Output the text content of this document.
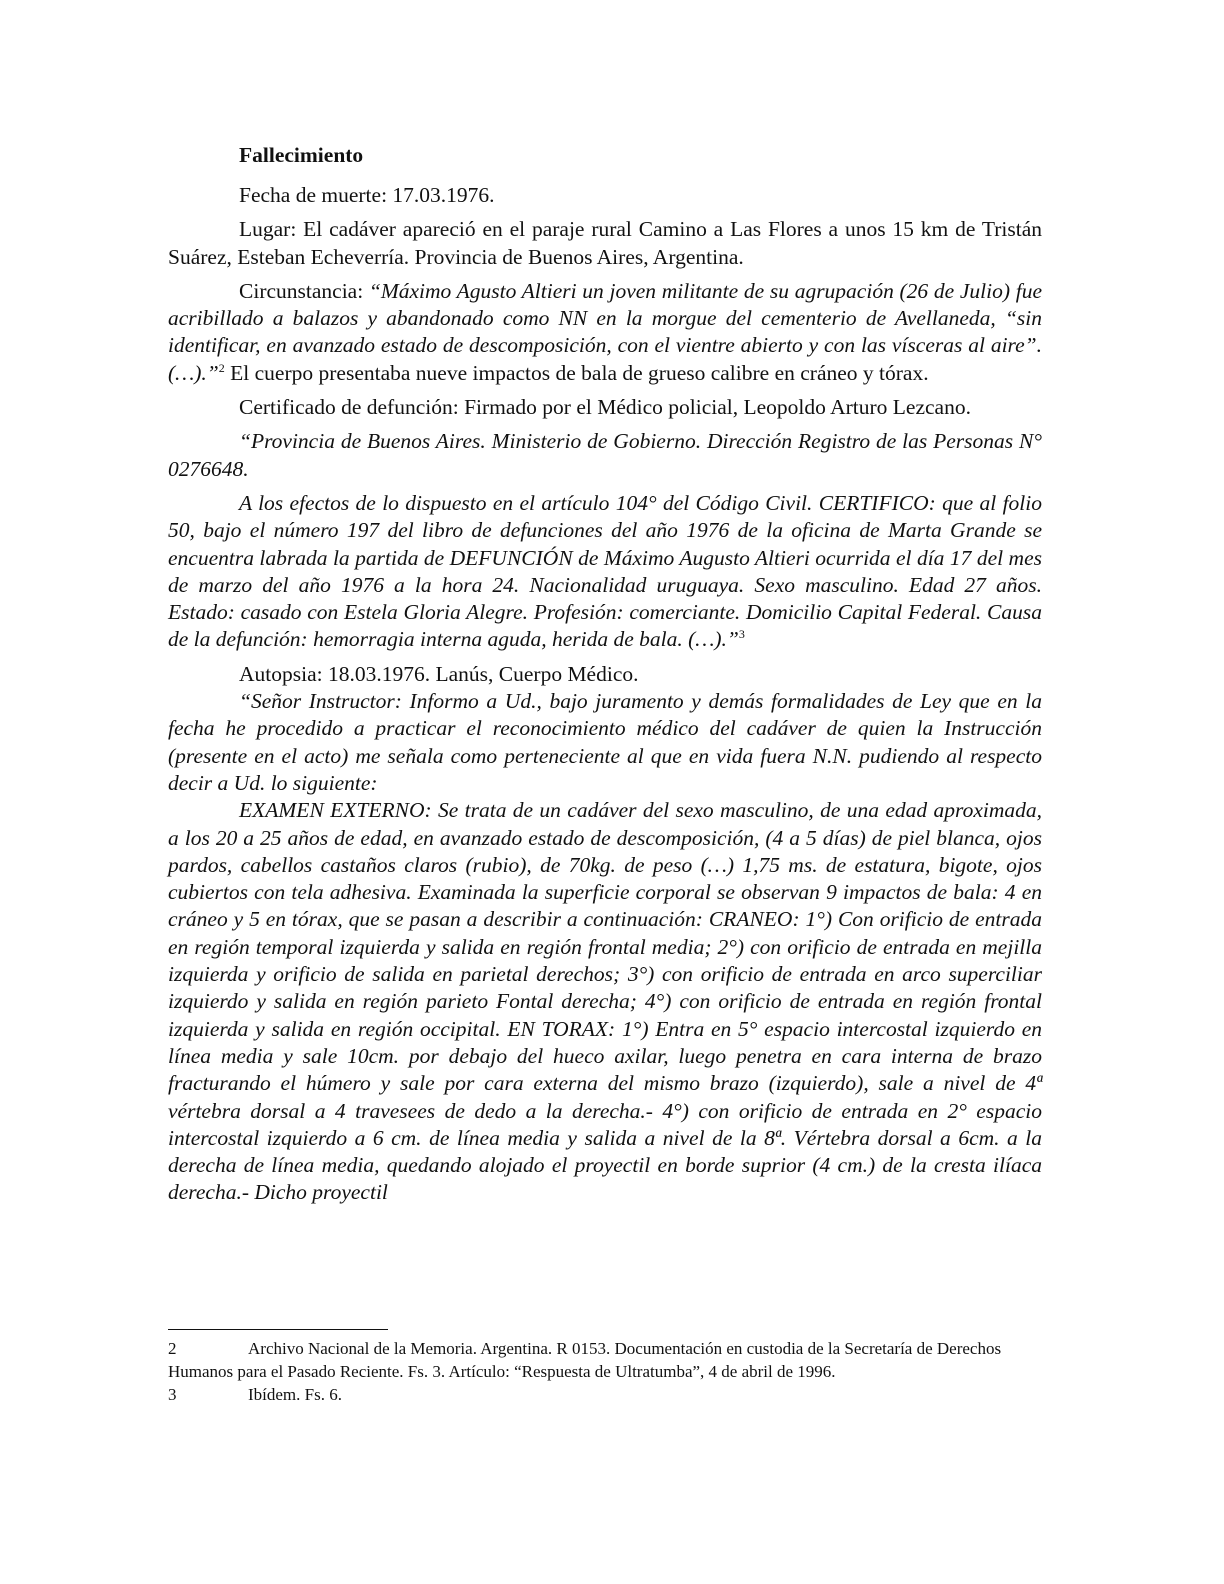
Fallecimiento

Fecha de muerte: 17.03.1976.

Lugar: El cadáver apareció en el paraje rural Camino a Las Flores a unos 15 km de Tristán Suárez, Esteban Echeverría. Provincia de Buenos Aires, Argentina.

Circunstancia: “Máximo Agusto Altieri un joven militante de su agrupación (26 de Julio) fue acribillado a balazos y abandonado como NN en la morgue del cementerio de Avellaneda, “sin identificar, en avanzado estado de descomposición, con el vientre abierto y con las vísceras al aire”. (…).”$^2$ El cuerpo presentaba nueve impactos de bala de grueso calibre en cráneo y tórax.

Certificado de defunción: Firmado por el Médico policial, Leopoldo Arturo Lezcano.

“Provincia de Buenos Aires. Ministerio de Gobierno. Dirección Registro de las Personas N° 0276648.

A los efectos de lo dispuesto en el artículo 104° del Código Civil. CERTIFICO: que al folio 50, bajo el número 197 del libro de defunciones del año 1976 de la oficina de Marta Grande se encuentra labrada la partida de DEFUNCIÓN de Máximo Augusto Altieri ocurrida el día 17 del mes de marzo del año 1976 a la hora 24. Nacionalidad uruguaya. Sexo masculino. Edad 27 años. Estado: casado con Estela Gloria Alegre. Profesión: comerciante. Domicilio Capital Federal. Causa de la defunción: hemorragia interna aguda, herida de bala. (…).”$^3$

Autopsia: 18.03.1976. Lanús, Cuerpo Médico.

“Señor Instructor: Informo a Ud., bajo juramento y demás formalidades de Ley que en la fecha he procedido a practicar el reconocimiento médico del cadáver de quien la Instrucción (presente en el acto) me señala como perteneciente al que en vida fuera N.N. pudiendo al respecto decir a Ud. lo siguiente:

EXAMEN EXTERNO: Se trata de un cadáver del sexo masculino, de una edad aproximada, a los 20 a 25 años de edad, en avanzado estado de descomposición, (4 a 5 días) de piel blanca, ojos pardos, cabellos castaños claros (rubio), de 70kg. de peso (…) 1,75 ms. de estatura, bigote, ojos cubiertos con tela adhesiva. Examinada la superficie corporal se observan 9 impactos de bala: 4 en cráneo y 5 en tórax, que se pasan a describir a continuación: CRANEO: 1°) Con orificio de entrada en región temporal izquierda y salida en región frontal media; 2°) con orificio de entrada en mejilla izquierda y orificio de salida en parietal derechos; 3°) con orificio de entrada en arco superciliar izquierdo y salida en región parieto Fontal derecha; 4°) con orificio de entrada en región frontal izquierda y salida en región occipital. EN TORAX: 1°) Entra en 5° espacio intercostal izquierdo en línea media y sale 10cm. por debajo del hueco axilar, luego penetra en cara interna de brazo fracturando el húmero y sale por cara externa del mismo brazo (izquierdo), sale a nivel de 4ª vértebra dorsal a 4 travesees de dedo a la derecha.- 4°) con orificio de entrada en 2° espacio intercostal izquierdo a 6 cm. de línea media y salida a nivel de la 8ª. Vértebra dorsal a 6cm. a la derecha de línea media, quedando alojado el proyectil en borde suprior (4 cm.) de la cresta ilíaca derecha.- Dicho proyectil

2	Archivo Nacional de la Memoria. Argentina. R 0153. Documentación en custodia de la Secretaría de Derechos Humanos para el Pasado Reciente. Fs. 3. Artículo: “Respuesta de Ultratumba”, 4 de abril de 1996.

3	Ibídem. Fs. 6.
